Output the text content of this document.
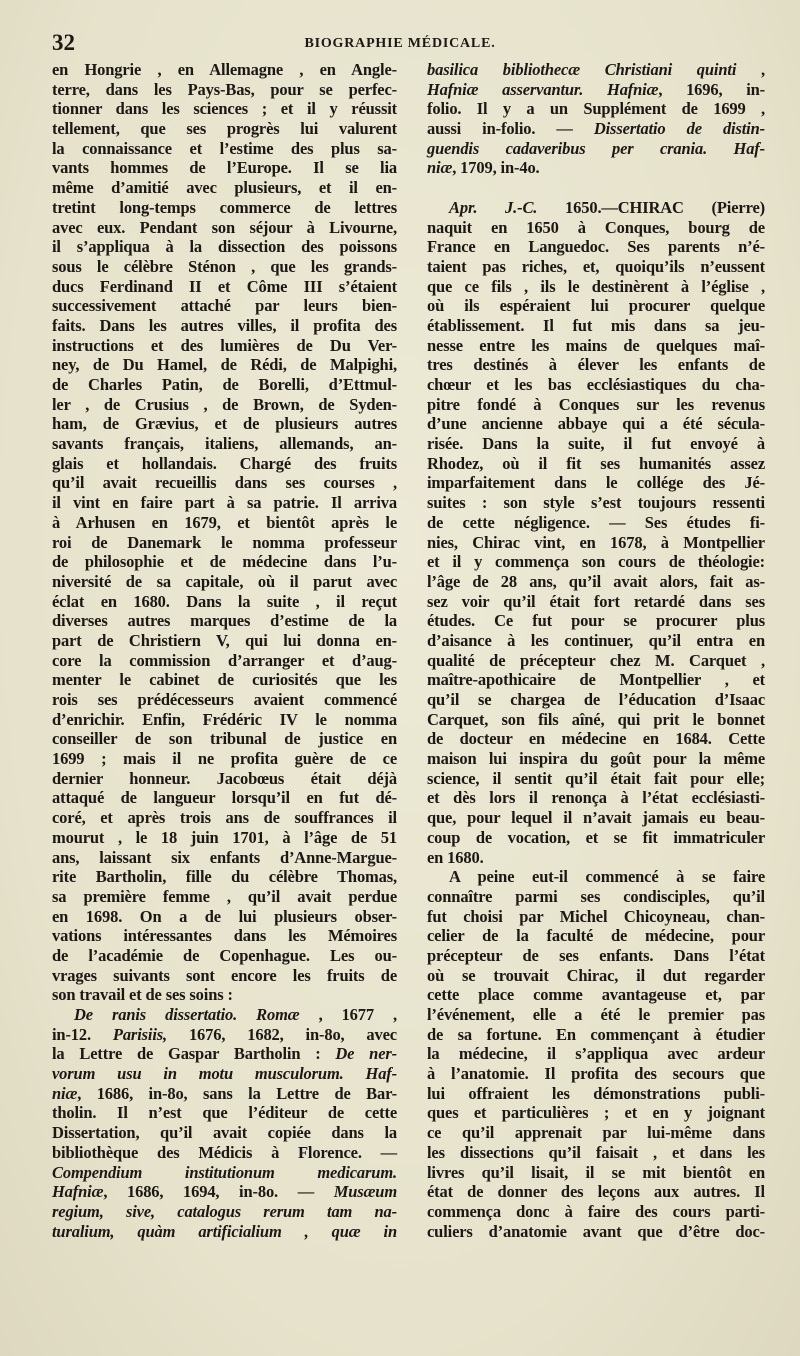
32	BIOGRAPHIE MÉDICALE.
en Hongrie , en Allemagne , en Angle-
terre, dans les Pays-Bas, pour se perfec-
tionner dans les sciences ; et il y réussit
tellement, que ses progrès lui valurent
la connaissance et l’estime des plus sa-
vants hommes de l’Europe. Il se lia
même d’amitié avec plusieurs, et il en-
tretint long-temps commerce de lettres
avec eux. Pendant son séjour à Livourne,
il s’appliqua à la dissection des poissons
sous le célèbre Sténon , que les grands-
ducs Ferdinand II et Côme III s’étaient
successivement attaché par leurs bien-
faits. Dans les autres villes, il profita des
instructions et des lumières de Du Ver-
ney, de Du Hamel, de Rédi, de Malpighi,
de Charles Patin, de Borelli, d’Ettmul-
ler , de Crusius , de Brown, de Syden-
ham, de Grævius, et de plusieurs autres
savants français, italiens, allemands, an-
glais et hollandais. Chargé des fruits
qu’il avait recueillis dans ses courses ,
il vint en faire part à sa patrie. Il arriva
à Arhusen en 1679, et bientôt après le
roi de Danemark le nomma professeur
de philosophie et de médecine dans l’u-
niversité de sa capitale, où il parut avec
éclat en 1680. Dans la suite , il reçut
diverses autres marques d’estime de la
part de Christiern V, qui lui donna en-
core la commission d’arranger et d’aug-
menter le cabinet de curiosités que les
rois ses prédécesseurs avaient commencé
d’enrichir. Enfin, Frédéric IV le nomma
conseiller de son tribunal de justice en
1699 ; mais il ne profita guère de ce
dernier honneur. Jacobœus était déjà
attaqué de langueur lorsqu’il en fut dé-
coré, et après trois ans de souffrances il
mourut , le 18 juin 1701, à l’âge de 51
ans, laissant six enfants d’Anne-Margue-
rite Bartholin, fille du célèbre Thomas,
sa première femme , qu’il avait perdue
en 1698. On a de lui plusieurs obser-
vations intéressantes dans les Mémoires
de l’académie de Copenhague. Les ou-
vrages suivants sont encore les fruits de
son travail et de ses soins :
De ranis dissertatio. Romæ , 1677 ,
in-12. Parisiis, 1676, 1682, in-8o, avec
la Lettre de Gaspar Bartholin : De ner-
vorum usu in motu musculorum. Haf-
niæ, 1686, in-8o, sans la Lettre de Bar-
tholin. Il n’est que l’éditeur de cette
Dissertation, qu’il avait copiée dans la
bibliothèque des Médicis à Florence. —
Compendium institutionum medicarum.
Hafniæ, 1686, 1694, in-8o. — Musæum
regium, sive, catalogus rerum tam na-
turalium, quàm artificialium , quæ in
basilica bibliothecæ Christiani quinti ,
Hafniæ asservantur. Hafniæ, 1696, in-
folio. Il y a un Supplément de 1699 ,
aussi in-folio. — Dissertatio de distin-
guendis cadaveribus per crania. Haf-
niæ, 1709, in-4o.
Apr. J.-C. 1650.—CHIRAC (Pierre)
naquit en 1650 à Conques, bourg de
France en Languedoc. Ses parents n’é-
taient pas riches, et, quoiqu’ils n’eussent
que ce fils , ils le destinèrent à l’église ,
où ils espéraient lui procurer quelque
établissement. Il fut mis dans sa jeu-
nesse entre les mains de quelques maî-
tres destinés à élever les enfants de
chœur et les bas ecclésiastiques du cha-
pitre fondé à Conques sur les revenus
d’une ancienne abbaye qui a été sécula-
risée. Dans la suite, il fut envoyé à
Rhodez, où il fit ses humanités assez
imparfaitement dans le collége des Jé-
suites : son style s’est toujours ressenti
de cette négligence. — Ses études fi-
nies, Chirac vint, en 1678, à Montpellier
et il y commença son cours de théologie:
l’âge de 28 ans, qu’il avait alors, fait as-
sez voir qu’il était fort retardé dans ses
études. Ce fut pour se procurer plus
d’aisance à les continuer, qu’il entra en
qualité de précepteur chez M. Carquet ,
maître-apothicaire de Montpellier , et
qu’il se chargea de l’éducation d’Isaac
Carquet, son fils aîné, qui prit le bonnet
de docteur en médecine en 1684. Cette
maison lui inspira du goût pour la même
science, il sentit qu’il était fait pour elle;
et dès lors il renonça à l’état ecclésiasti-
que, pour lequel il n’avait jamais eu beau-
coup de vocation, et se fit immatriculer
en 1680.
A peine eut-il commencé à se faire
connaître parmi ses condisciples, qu’il
fut choisi par Michel Chicoyneau, chan-
celier de la faculté de médecine, pour
précepteur de ses enfants. Dans l’état
où se trouvait Chirac, il dut regarder
cette place comme avantageuse et, par
l’événement, elle a été le premier pas
de sa fortune. En commençant à étudier
la médecine, il s’appliqua avec ardeur
à l’anatomie. Il profita des secours que
lui offraient les démonstrations publi-
ques et particulières ; et en y joignant
ce qu’il apprenait par lui-même dans
les dissections qu’il faisait , et dans les
livres qu’il lisait, il se mit bientôt en
état de donner des leçons aux autres. Il
commença donc à faire des cours parti-
culiers d’anatomie avant que d’être doc-
